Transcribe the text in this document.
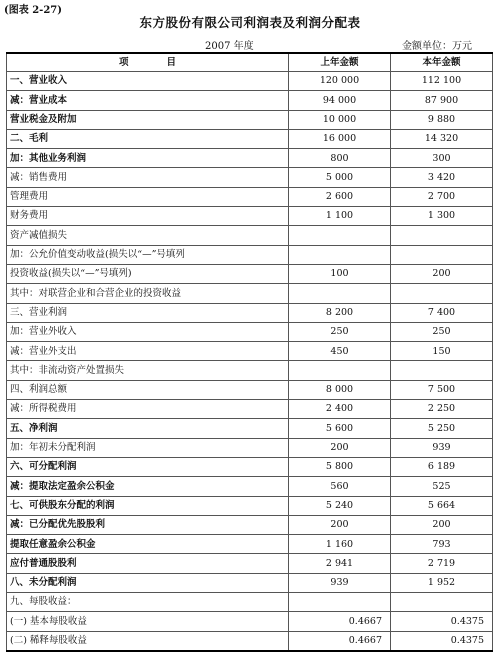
(图表 2-27)
东方股份有限公司利润表及利润分配表
2007 年度	金额单位：万元
项　　　　目	上年金额	本年金额
一、营业收入	120 000	112 100
减：营业成本	94 000	87 900
营业税金及附加	10 000	9 880
二、毛利	16 000	14 320
加：其他业务利润	800	300
减：销售费用	5 000	3 420
管理费用	2 600	2 700
财务费用	1 100	1 300
资产减值损失		
加：公允价值变动收益(损失以“—”号填列		
投资收益(损失以“—”号填列)	100	200
其中：对联营企业和合营企业的投资收益		
三、营业利润	8 200	7 400
加：营业外收入	250	250
减：营业外支出	450	150
其中：非流动资产处置损失		
四、利润总额	8 000	7 500
减：所得税费用	2 400	2 250
五、净利润	5 600	5 250
加：年初未分配利润	200	939
六、可分配利润	5 800	6 189
减：提取法定盈余公积金	560	525
七、可供股东分配的利润	5 240	5 664
减：已分配优先股股利	200	200
提取任意盈余公积金	1 160	793
应付普通股股利	2 941	2 719
八、未分配利润	939	1 952
九、每股收益：		
(一) 基本每股收益	0.4667	0.4375
(二) 稀释每股收益	0.4667	0.4375
